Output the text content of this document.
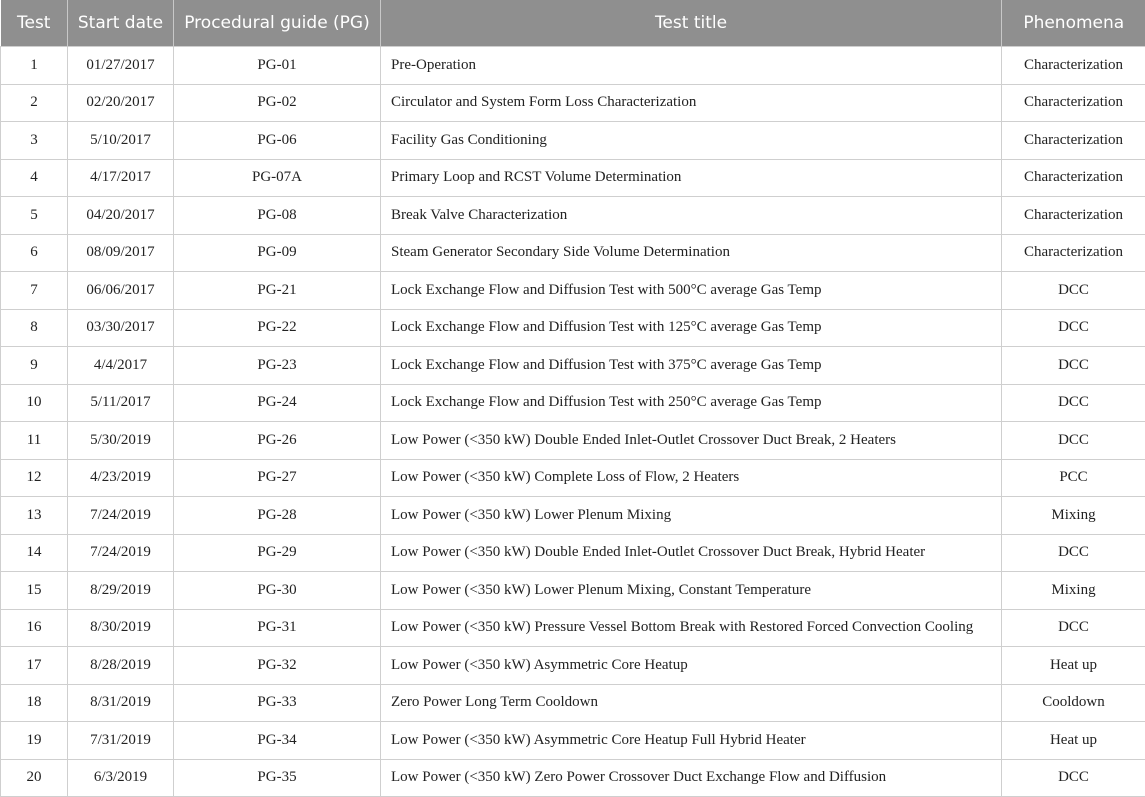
Test	Start date	Procedural guide (PG)	Test title	Phenomena
1	01/27/2017	PG-01	Pre-Operation	Characterization
2	02/20/2017	PG-02	Circulator and System Form Loss Characterization	Characterization
3	5/10/2017	PG-06	Facility Gas Conditioning	Characterization
4	4/17/2017	PG-07A	Primary Loop and RCST Volume Determination	Characterization
5	04/20/2017	PG-08	Break Valve Characterization	Characterization
6	08/09/2017	PG-09	Steam Generator Secondary Side Volume Determination	Characterization
7	06/06/2017	PG-21	Lock Exchange Flow and Diffusion Test with 500°C average Gas Temp	DCC
8	03/30/2017	PG-22	Lock Exchange Flow and Diffusion Test with 125°C average Gas Temp	DCC
9	4/4/2017	PG-23	Lock Exchange Flow and Diffusion Test with 375°C average Gas Temp	DCC
10	5/11/2017	PG-24	Lock Exchange Flow and Diffusion Test with 250°C average Gas Temp	DCC
11	5/30/2019	PG-26	Low Power (<350 kW) Double Ended Inlet-Outlet Crossover Duct Break, 2 Heaters	DCC
12	4/23/2019	PG-27	Low Power (<350 kW) Complete Loss of Flow, 2 Heaters	PCC
13	7/24/2019	PG-28	Low Power (<350 kW) Lower Plenum Mixing	Mixing
14	7/24/2019	PG-29	Low Power (<350 kW) Double Ended Inlet-Outlet Crossover Duct Break, Hybrid Heater	DCC
15	8/29/2019	PG-30	Low Power (<350 kW) Lower Plenum Mixing, Constant Temperature	Mixing
16	8/30/2019	PG-31	Low Power (<350 kW) Pressure Vessel Bottom Break with Restored Forced Convection Cooling	DCC
17	8/28/2019	PG-32	Low Power (<350 kW) Asymmetric Core Heatup	Heat up
18	8/31/2019	PG-33	Zero Power Long Term Cooldown	Cooldown
19	7/31/2019	PG-34	Low Power (<350 kW) Asymmetric Core Heatup Full Hybrid Heater	Heat up
20	6/3/2019	PG-35	Low Power (<350 kW) Zero Power Crossover Duct Exchange Flow and Diffusion	DCC
